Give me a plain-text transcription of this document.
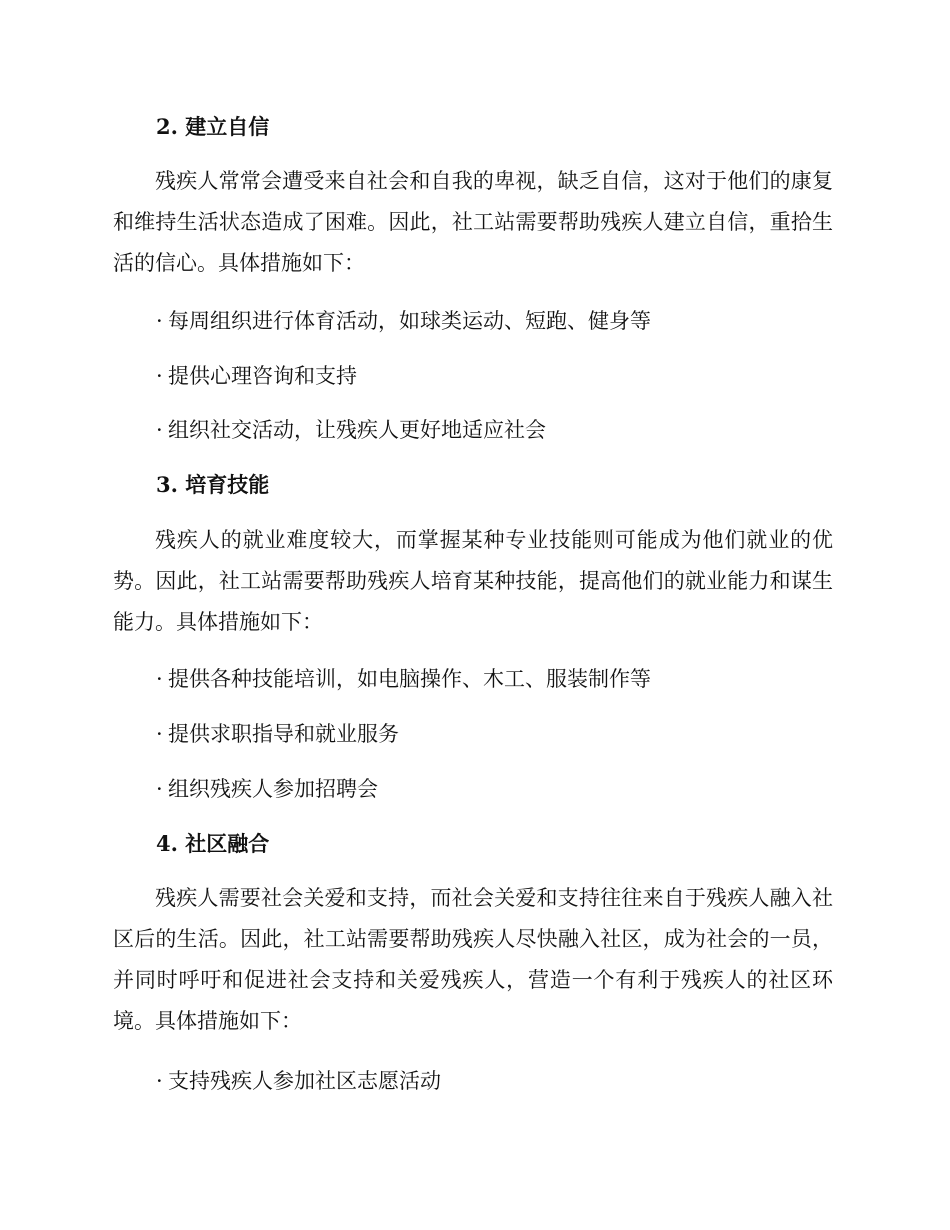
2. 建立自信

残疾人常常会遭受来自社会和自我的卑视，缺乏自信，这对于他们的康复和维持生活状态造成了困难。因此，社工站需要帮助残疾人建立自信，重拾生活的信心。具体措施如下：

· 每周组织进行体育活动，如球类运动、短跑、健身等

· 提供心理咨询和支持

· 组织社交活动，让残疾人更好地适应社会

3. 培育技能

残疾人的就业难度较大，而掌握某种专业技能则可能成为他们就业的优势。因此，社工站需要帮助残疾人培育某种技能，提高他们的就业能力和谋生能力。具体措施如下：

· 提供各种技能培训，如电脑操作、木工、服装制作等

· 提供求职指导和就业服务

· 组织残疾人参加招聘会

4. 社区融合

残疾人需要社会关爱和支持，而社会关爱和支持往往来自于残疾人融入社区后的生活。因此，社工站需要帮助残疾人尽快融入社区，成为社会的一员，并同时呼吁和促进社会支持和关爱残疾人，营造一个有利于残疾人的社区环境。具体措施如下：

· 支持残疾人参加社区志愿活动
